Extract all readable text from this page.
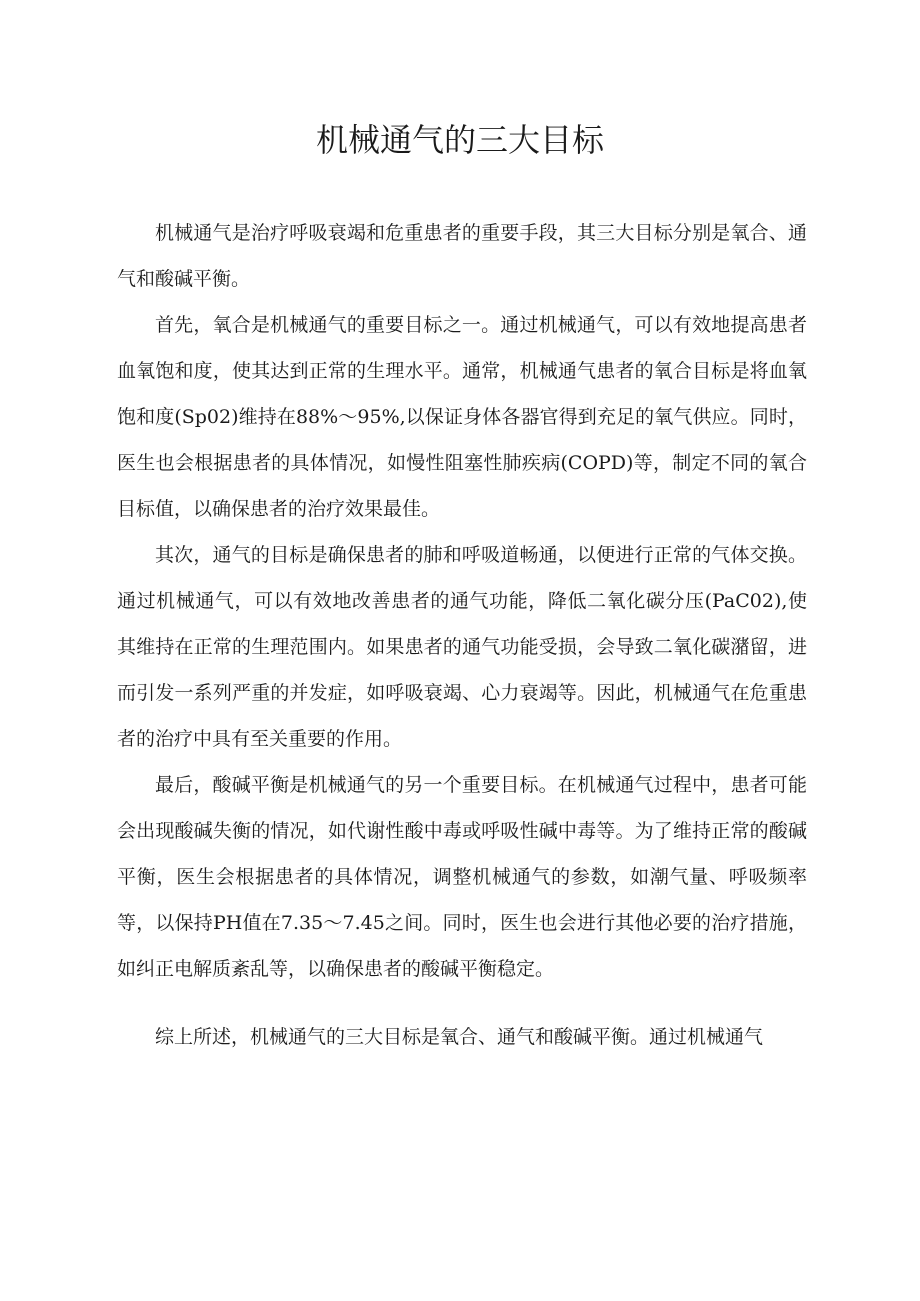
机械通气的三大目标

机械通气是治疗呼吸衰竭和危重患者的重要手段，其三大目标分别是氧合、通气和酸碱平衡。

首先，氧合是机械通气的重要目标之一。通过机械通气，可以有效地提高患者血氧饱和度，使其达到正常的生理水平。通常，机械通气患者的氧合目标是将血氧饱和度(Sp02)维持在88%～95%,以保证身体各器官得到充足的氧气供应。同时，医生也会根据患者的具体情况，如慢性阻塞性肺疾病(COPD)等，制定不同的氧合目标值，以确保患者的治疗效果最佳。

其次，通气的目标是确保患者的肺和呼吸道畅通，以便进行正常的气体交换。通过机械通气，可以有效地改善患者的通气功能，降低二氧化碳分压(PaC02),使其维持在正常的生理范围内。如果患者的通气功能受损，会导致二氧化碳潴留，进而引发一系列严重的并发症，如呼吸衰竭、心力衰竭等。因此，机械通气在危重患者的治疗中具有至关重要的作用。

最后，酸碱平衡是机械通气的另一个重要目标。在机械通气过程中，患者可能会出现酸碱失衡的情况，如代谢性酸中毒或呼吸性碱中毒等。为了维持正常的酸碱平衡，医生会根据患者的具体情况，调整机械通气的参数，如潮气量、呼吸频率等，以保持PH值在7.35～7.45之间。同时，医生也会进行其他必要的治疗措施，如纠正电解质紊乱等，以确保患者的酸碱平衡稳定。

综上所述，机械通气的三大目标是氧合、通气和酸碱平衡。通过机械通气
